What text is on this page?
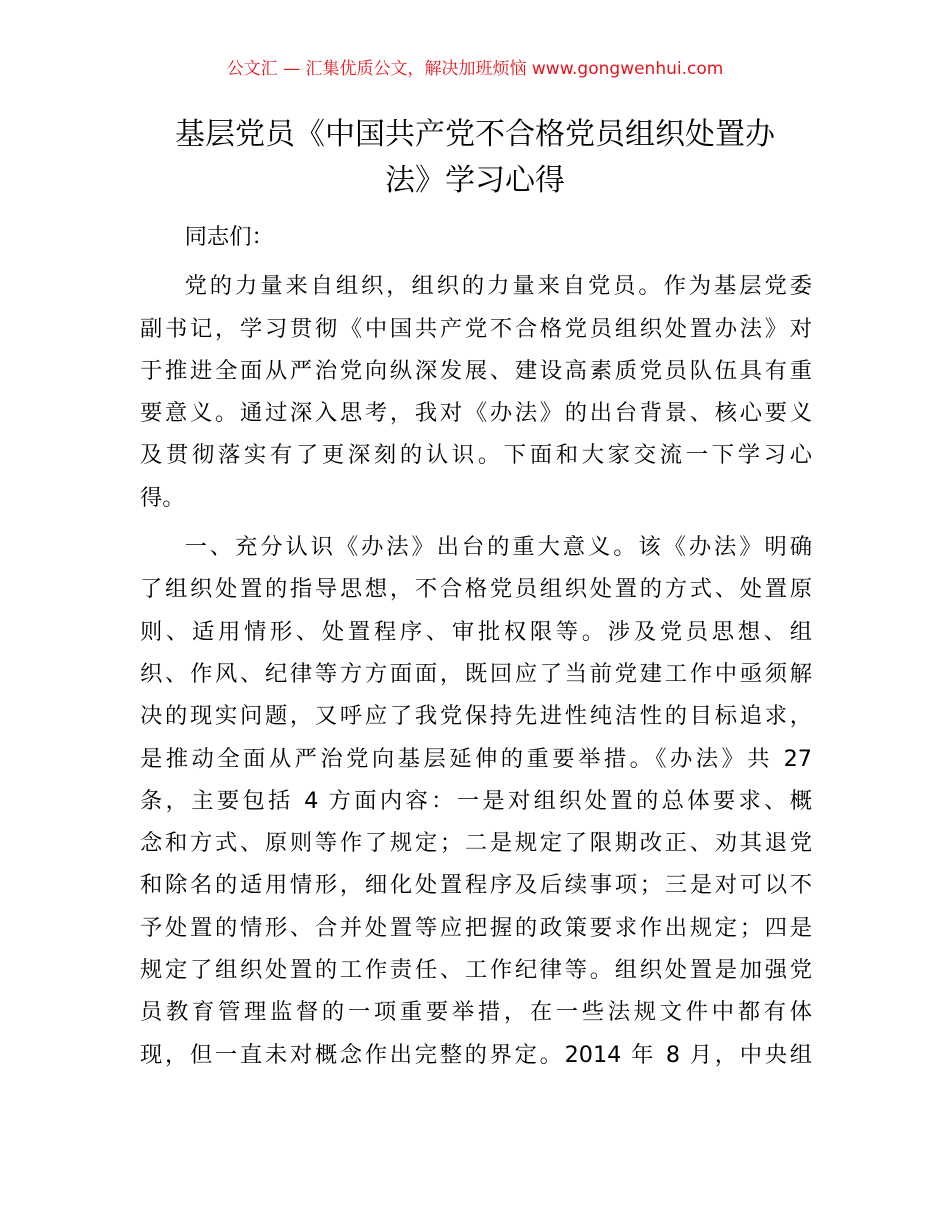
公文汇 — 汇集优质公文，解决加班烦恼 www.gongwenhui.com
基层党员《中国共产党不合格党员组织处置办
法》学习心得
同志们：
党的力量来自组织，组织的力量来自党员。作为基层党委
副书记，学习贯彻《中国共产党不合格党员组织处置办法》对
于推进全面从严治党向纵深发展、建设高素质党员队伍具有重
要意义。通过深入思考，我对《办法》的出台背景、核心要义
及贯彻落实有了更深刻的认识。下面和大家交流一下学习心
得。
一、充分认识《办法》出台的重大意义。该《办法》明确
了组织处置的指导思想，不合格党员组织处置的方式、处置原
则、适用情形、处置程序、审批权限等。涉及党员思想、组
织、作风、纪律等方方面面，既回应了当前党建工作中亟须解
决的现实问题，又呼应了我党保持先进性纯洁性的目标追求，
是推动全面从严治党向基层延伸的重要举措。《办法》共 27
条，主要包括 4 方面内容：一是对组织处置的总体要求、概
念和方式、原则等作了规定；二是规定了限期改正、劝其退党
和除名的适用情形，细化处置程序及后续事项；三是对可以不
予处置的情形、合并处置等应把握的政策要求作出规定；四是
规定了组织处置的工作责任、工作纪律等。组织处置是加强党
员教育管理监督的一项重要举措，在一些法规文件中都有体
现，但一直未对概念作出完整的界定。2014 年 8 月，中央组
